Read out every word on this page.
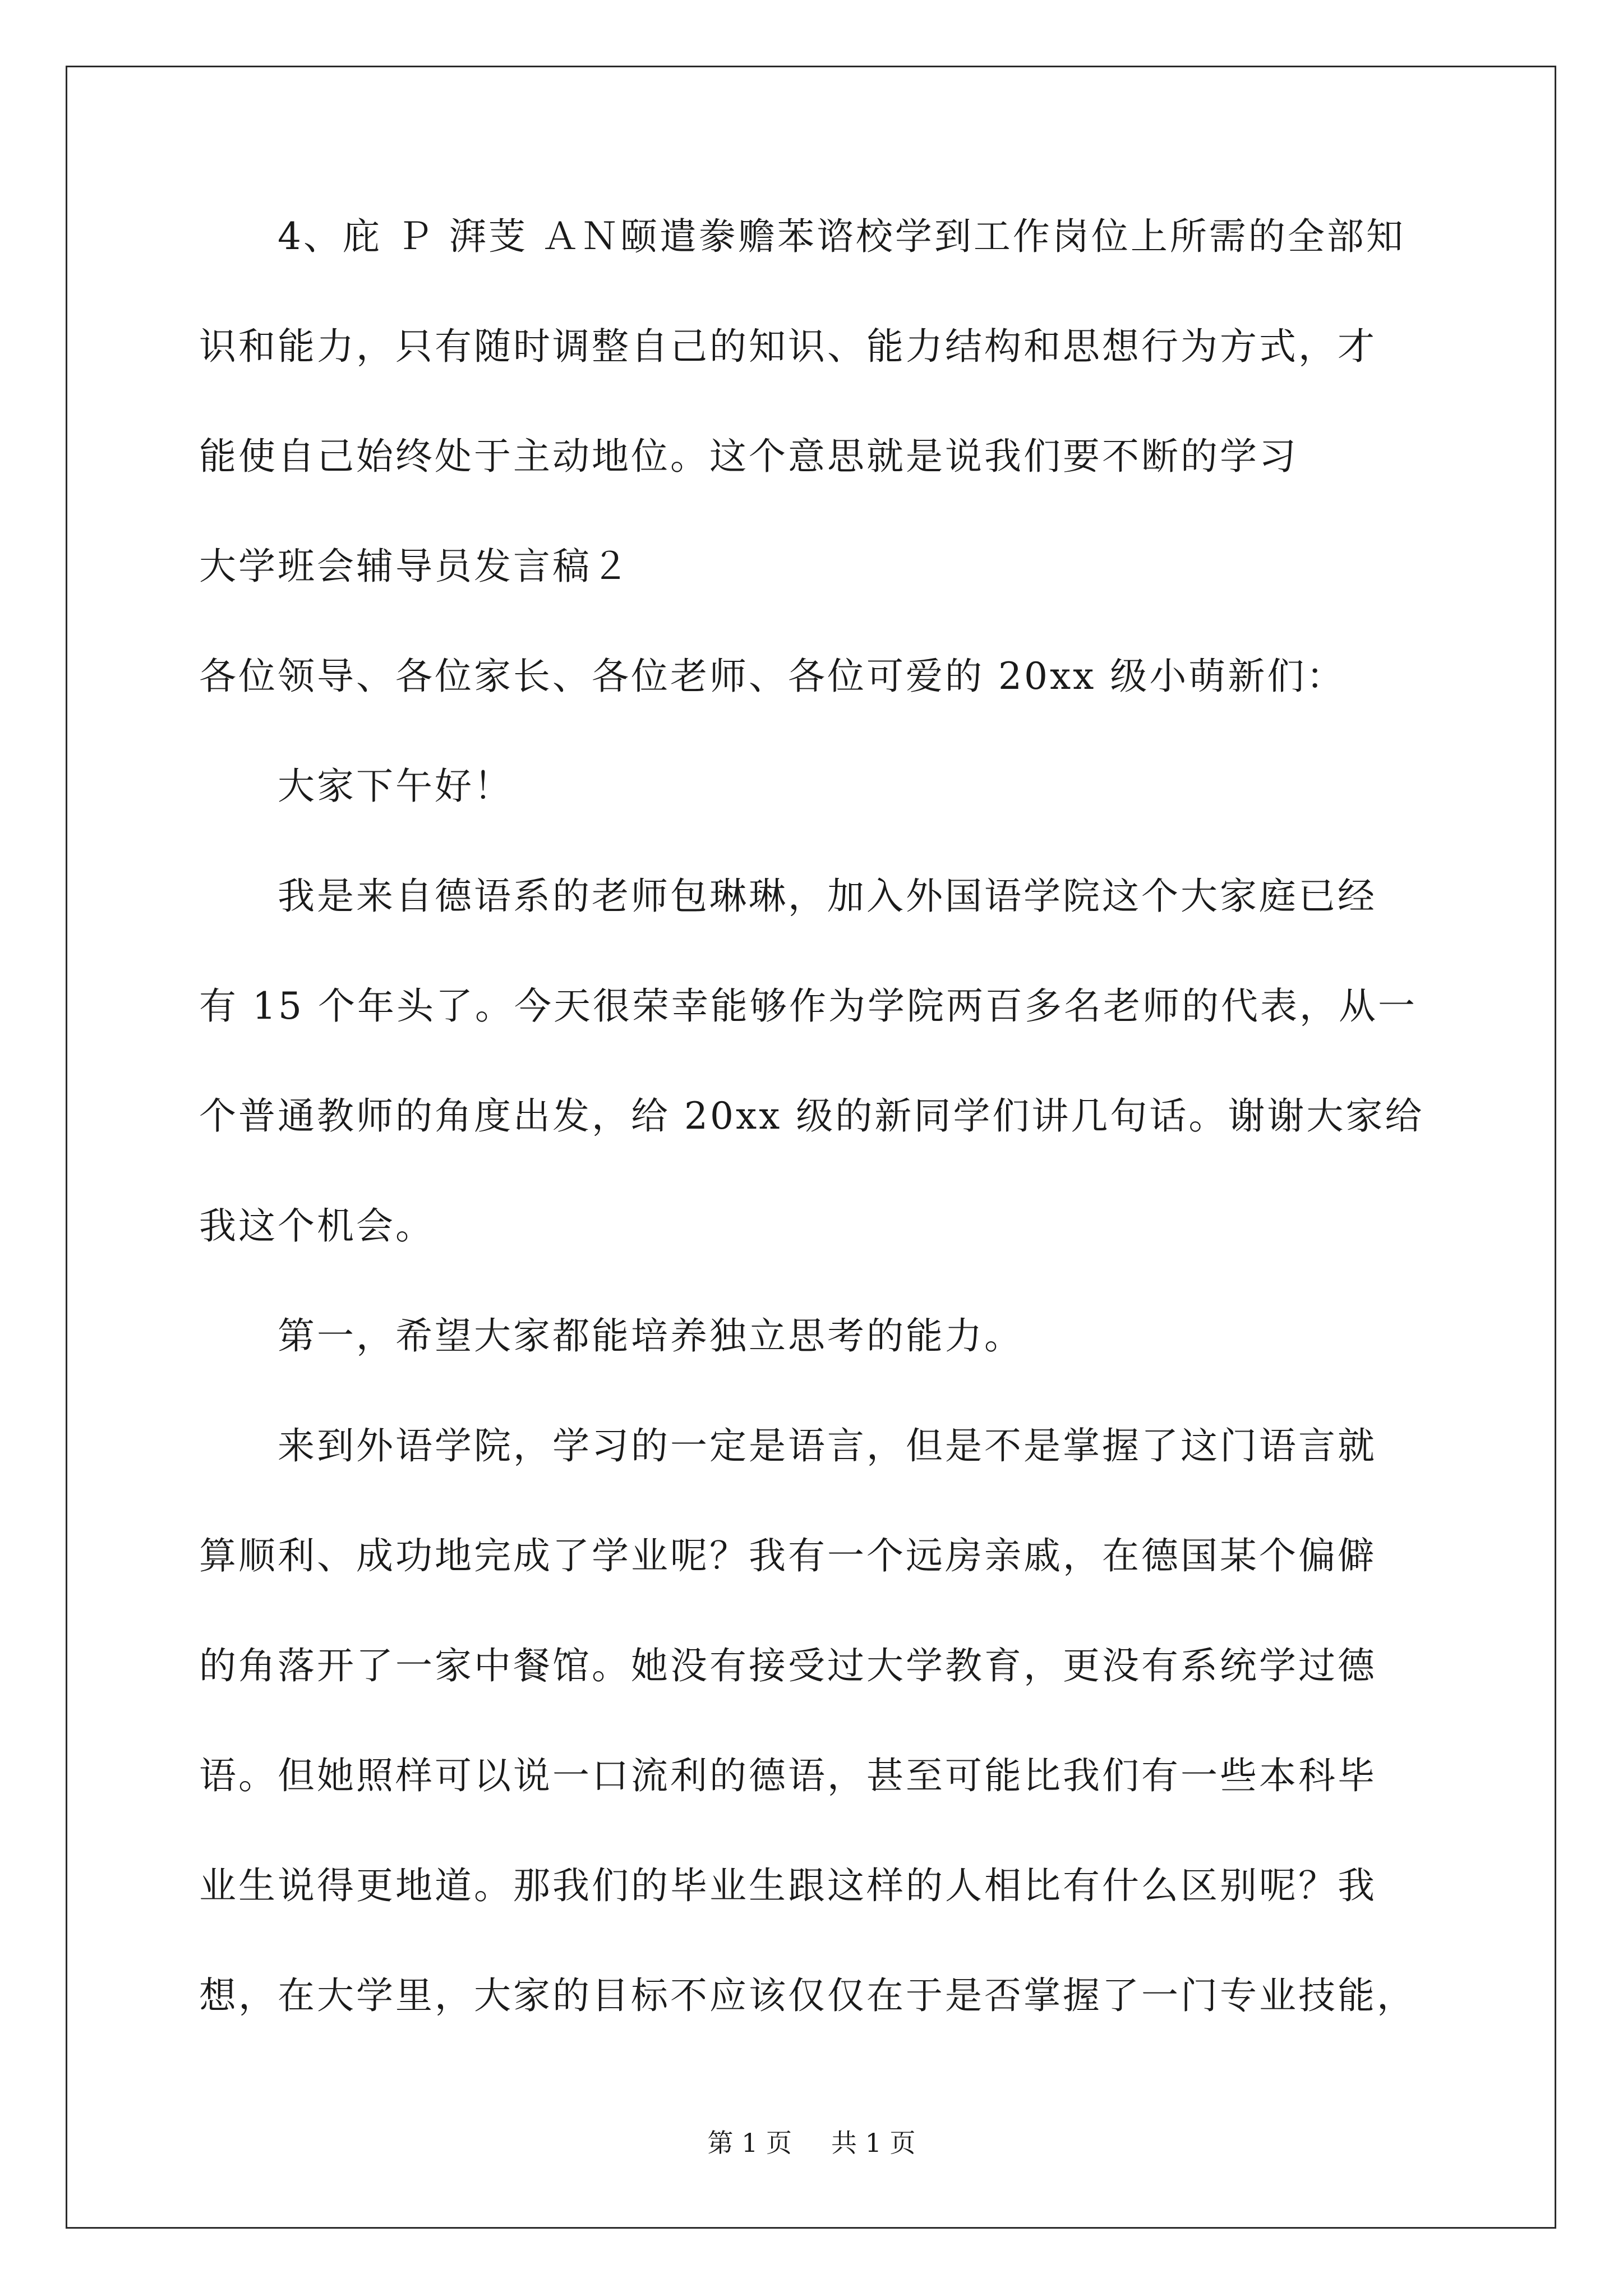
4、庇 Ｐ 湃芰 ＡＮ颐遣豢赡苯谘校学到工作岗位上所需的全部知
识和能力，只有随时调整自己的知识、能力结构和思想行为方式，才
能使自己始终处于主动地位。这个意思就是说我们要不断的学习
大学班会辅导员发言稿２
各位领导、各位家长、各位老师、各位可爱的 20xx 级小萌新们：
大家下午好！
我是来自德语系的老师包琳琳，加入外国语学院这个大家庭已经
有 15 个年头了。今天很荣幸能够作为学院两百多名老师的代表，从一
个普通教师的角度出发，给 20xx 级的新同学们讲几句话。谢谢大家给
我这个机会。
第一，希望大家都能培养独立思考的能力。
来到外语学院，学习的一定是语言，但是不是掌握了这门语言就
算顺利、成功地完成了学业呢？我有一个远房亲戚，在德国某个偏僻
的角落开了一家中餐馆。她没有接受过大学教育，更没有系统学过德
语。但她照样可以说一口流利的德语，甚至可能比我们有一些本科毕
业生说得更地道。那我们的毕业生跟这样的人相比有什么区别呢？我
想，在大学里，大家的目标不应该仅仅在于是否掌握了一门专业技能，
第 1 页 共 1 页
